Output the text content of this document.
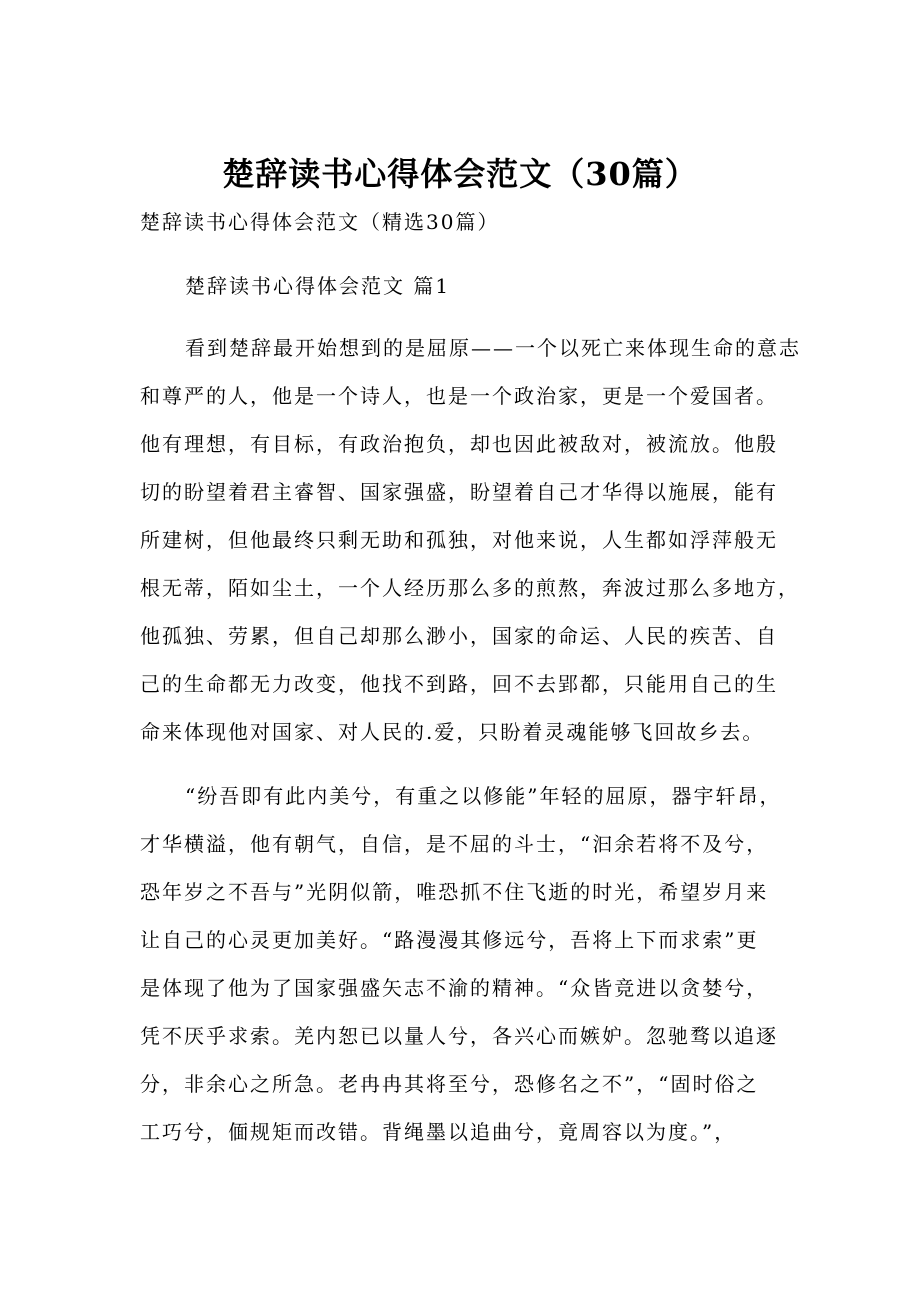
楚辞读书心得体会范文（30篇）
楚辞读书心得体会范文（精选30篇）
楚辞读书心得体会范文 篇1
看到楚辞最开始想到的是屈原——一个以死亡来体现生命的意志
和尊严的人，他是一个诗人，也是一个政治家，更是一个爱国者。
他有理想，有目标，有政治抱负，却也因此被敌对，被流放。他殷
切的盼望着君主睿智、国家强盛，盼望着自己才华得以施展，能有
所建树，但他最终只剩无助和孤独，对他来说，人生都如浮萍般无
根无蒂，陌如尘土，一个人经历那么多的煎熬，奔波过那么多地方，
他孤独、劳累，但自己却那么渺小，国家的命运、人民的疾苦、自
己的生命都无力改变，他找不到路，回不去郢都，只能用自己的生
命来体现他对国家、对人民的.爱，只盼着灵魂能够飞回故乡去。
“纷吾即有此内美兮，有重之以修能”年轻的屈原，器宇轩昂，
才华横溢，他有朝气，自信，是不屈的斗士，“汩余若将不及兮，
恐年岁之不吾与”光阴似箭，唯恐抓不住飞逝的时光，希望岁月来
让自己的心灵更加美好。“路漫漫其修远兮，吾将上下而求索”更
是体现了他为了国家强盛矢志不渝的精神。“众皆竞进以贪婪兮，
凭不厌乎求索。羌内恕已以量人兮，各兴心而嫉妒。忽驰骛以追逐
分，非余心之所急。老冉冉其将至兮，恐修名之不”，“固时俗之
工巧兮，偭规矩而改错。背绳墨以追曲兮，竟周容以为度。”，
